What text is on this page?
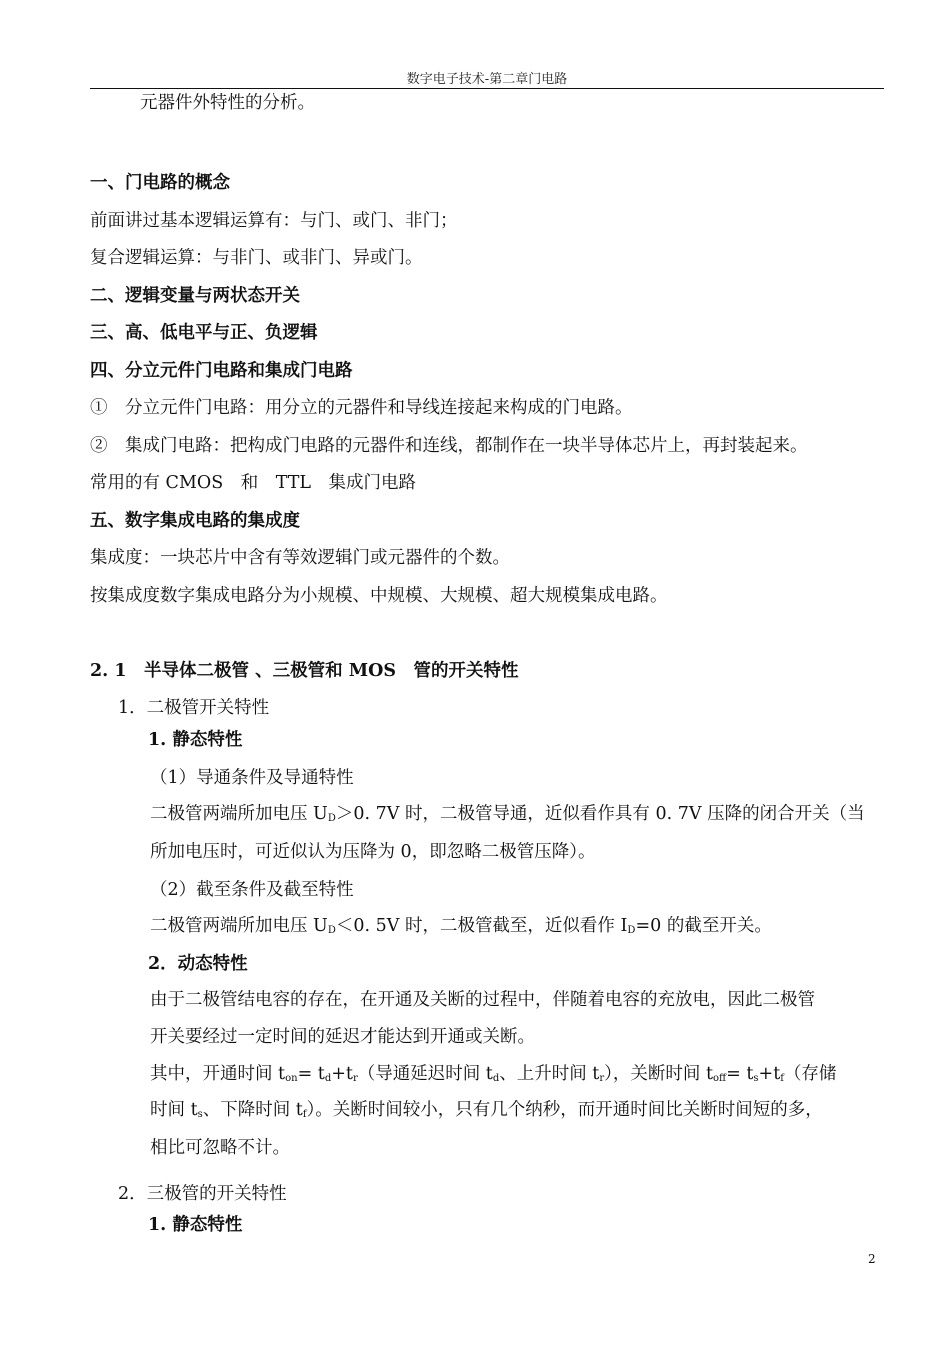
数字电子技术-第二章门电路
元器件外特性的分析。
一、门电路的概念
前面讲过基本逻辑运算有：与门、或门、非门；
复合逻辑运算：与非门、或非门、异或门。
二、逻辑变量与两状态开关
三、高、低电平与正、负逻辑
四、分立元件门电路和集成门电路
①　分立元件门电路：用分立的元器件和导线连接起来构成的门电路。
②　集成门电路：把构成门电路的元器件和连线，都制作在一块半导体芯片上，再封装起来。
常用的有 CMOS　和　TTL　集成门电路
五、数字集成电路的集成度
集成度：一块芯片中含有等效逻辑门或元器件的个数。
按集成度数字集成电路分为小规模、中规模、大规模、超大规模集成电路。
2. 1　半导体二极管 、三极管和 MOS　管的开关特性
1．二极管开关特性
1. 静态特性
（1）导通条件及导通特性
二极管两端所加电压 $U_D>0$. 7V 时，二极管导通，近似看作具有 0. 7V 压降的闭合开关（当
所加电压时，可近似认为压降为 0，即忽略二极管压降）。
（2）截至条件及截至特性
二极管两端所加电压 $U_D<0$. 5V 时，二极管截至，近似看作 $I_D=0$ 的截至开关。
2．动态特性
由于二极管结电容的存在，在开通及关断的过程中，伴随着电容的充放电，因此二极管
开关要经过一定时间的延迟才能达到开通或关断。
其中，开通时间 $t_{on}= t_d+t_r$（导通延迟时间 $t_d$、上升时间 $t_r$），关断时间 $t_{off}= t_s+t_f$（存储
时间 $t_s$、下降时间 $t_f$）。关断时间较小，只有几个纳秒，而开通时间比关断时间短的多，
相比可忽略不计。
2．三极管的开关特性
1. 静态特性
2
